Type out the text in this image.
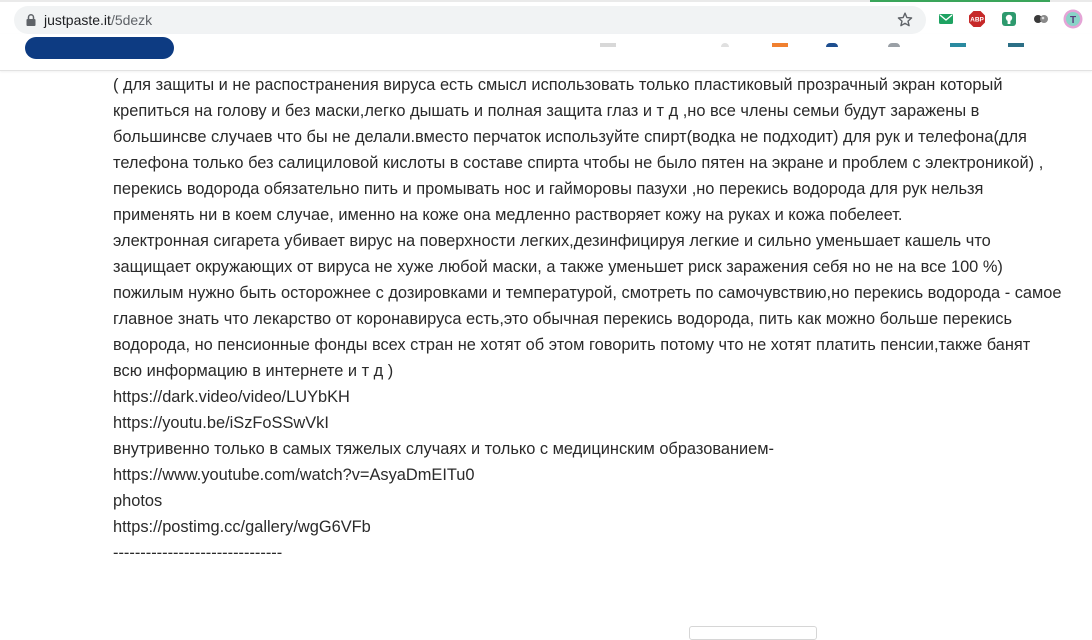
justpaste.it/5dezk	ABP	T

( для защиты и не распостранения вируса есть смысл использовать только пластиковый прозрачный экран который крепиться на голову и без маски,легко дышать и полная защита глаз и т д ,но все члены семьи будут заражены в большинсве случаев что бы не делали.вместо перчаток используйте спирт(водка не подходит) для рук и телефона(для телефона только без салициловой кислоты в составе спирта чтобы не было пятен на экране и проблем с электроникой) , перекись водорода обязательно пить и промывать нос и гайморовы пазухи ,но перекись водорода для рук нельзя применять ни в коем случае, именно на коже она медленно растворяет кожу на руках и кожа побелеет.

электронная сигарета убивает вирус на поверхности легких,дезинфицируя легкие и сильно уменьшает кашель что защищает окружающих от вируса не хуже любой маски, а также уменьшет риск заражения себя но не на все 100 %) пожилым нужно быть осторожнее с дозировками и температурой, смотреть по самочувствию,но перекись водорода - самое главное знать что лекарство от коронавируса есть,это обычная перекись водорода, пить как можно больше перекись водорода, но пенсионные фонды всех стран не хотят об этом говорить потому что не хотят платить пенсии,также банят всю информацию в интернете и т д )

https://dark.video/video/LUYbKH

https://youtu.be/iSzFoSSwVkI

внутривенно только в самых тяжелых случаях и только с медицинским образованием-

https://www.youtube.com/watch?v=AsyaDmEITu0

photos

https://postimg.cc/gallery/wgG6VFb

-------------------------------
